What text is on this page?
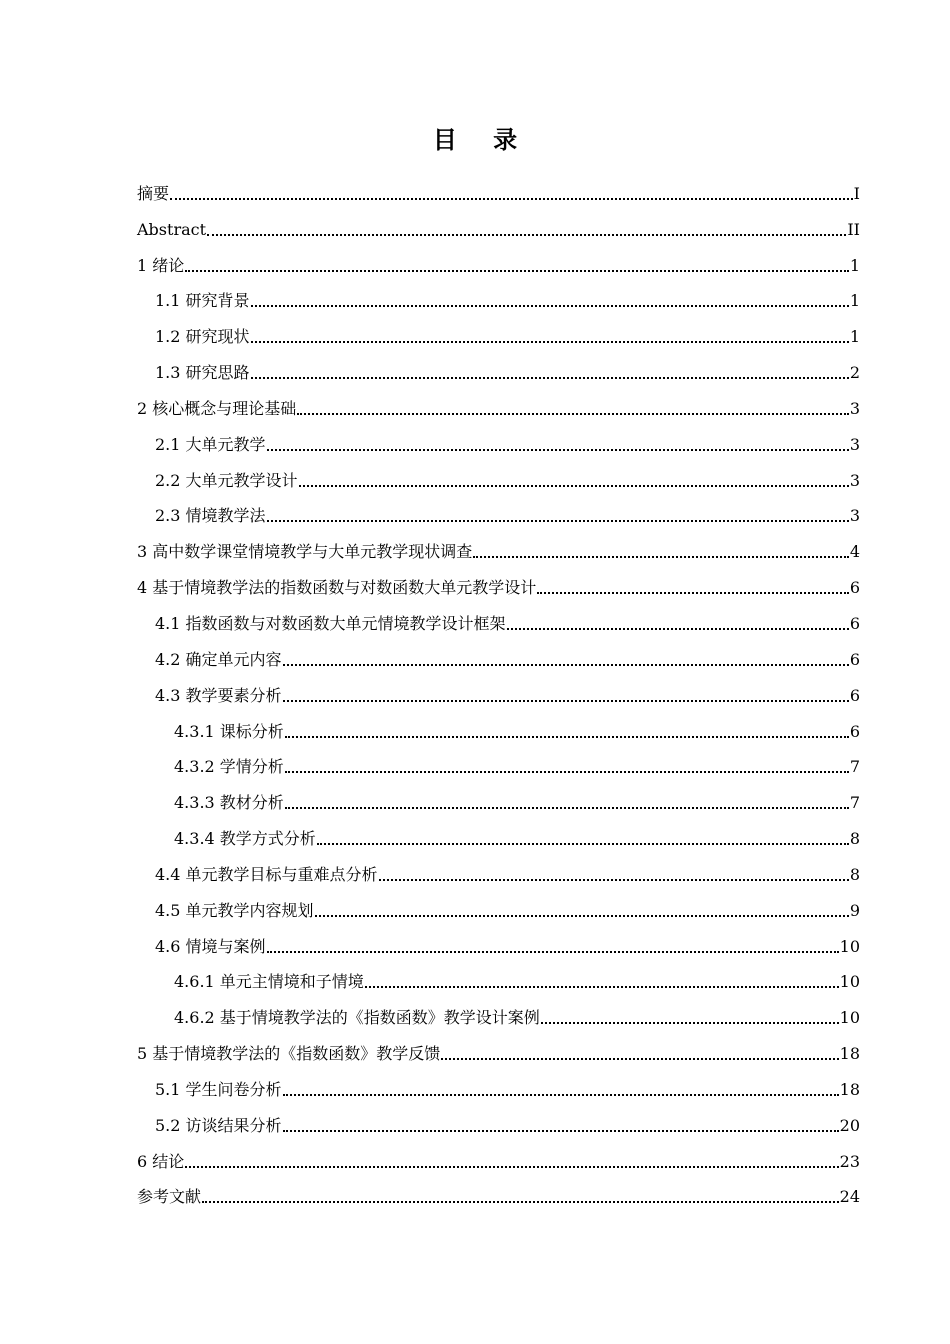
目 录
摘要	I
Abstract	II
1 绪论	1
1.1 研究背景	1
1.2 研究现状	1
1.3 研究思路	2
2 核心概念与理论基础	3
2.1 大单元教学	3
2.2 大单元教学设计	3
2.3 情境教学法	3
3 高中数学课堂情境教学与大单元教学现状调查	4
4 基于情境教学法的指数函数与对数函数大单元教学设计	6
4.1 指数函数与对数函数大单元情境教学设计框架	6
4.2 确定单元内容	6
4.3 教学要素分析	6
4.3.1 课标分析	6
4.3.2 学情分析	7
4.3.3 教材分析	7
4.3.4 教学方式分析	8
4.4 单元教学目标与重难点分析	8
4.5 单元教学内容规划	9
4.6 情境与案例	10
4.6.1 单元主情境和子情境	10
4.6.2 基于情境教学法的《指数函数》教学设计案例	10
5 基于情境教学法的《指数函数》教学反馈	18
5.1 学生问卷分析	18
5.2 访谈结果分析	20
6 结论	23
参考文献	24
